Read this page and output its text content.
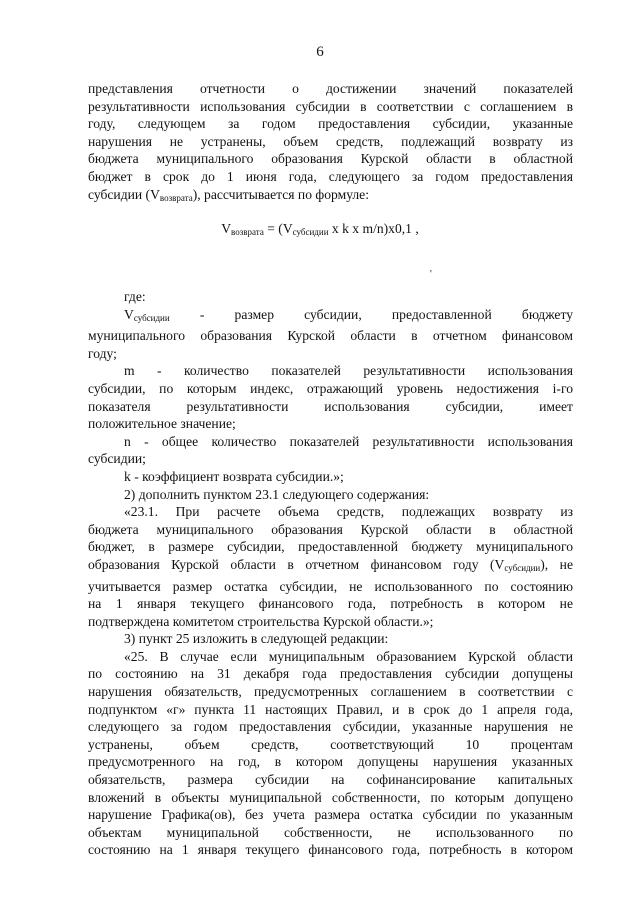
6

представления отчетности о достижении значений показателей

результативности использования субсидии в соответствии с соглашением в

году, следующем за годом предоставления субсидии, указанные

нарушения не устранены, объем средств, подлежащий возврату из

бюджета муниципального образования Курской области в областной

бюджет в срок до 1 июня года, следующего за годом предоставления

субсидии $(V_{возврата})$, рассчитывается по формуле:

$V_{возврата} = (V_{субсидии}$ x k x m/n)x0,1 ,
'

где:

$V_{субсидии}$ - размер субсидии, предоставленной бюджету

муниципального образования Курской области в отчетном финансовом

году;

m - количество показателей результативности использования

субсидии, по которым индекс, отражающий уровень недостижения i-го

показателя результативности использования субсидии, имеет

положительное значение;

n - общее количество показателей результативности использования

субсидии;

k - коэффициент возврата субсидии.»;

2) дополнить пунктом 23.1 следующего содержания:

«23.1. При расчете объема средств, подлежащих возврату из

бюджета муниципального образования Курской области в областной

бюджет, в размере субсидии, предоставленной бюджету муниципального

образования Курской области в отчетном финансовом году $(V_{субсидии})$, не

учитывается размер остатка субсидии, не использованного по состоянию

на 1 января текущего финансового года, потребность в котором не

подтверждена комитетом строительства Курской области.»;

3) пункт 25 изложить в следующей редакции:

«25. В случае если муниципальным образованием Курской области

по состоянию на 31 декабря года предоставления субсидии допущены

нарушения обязательств, предусмотренных соглашением в соответствии с

подпунктом «г» пункта 11 настоящих Правил, и в срок до 1 апреля года,

следующего за годом предоставления субсидии, указанные нарушения не

устранены, объем средств, соответствующий 10 процентам

предусмотренного на год, в котором допущены нарушения указанных

обязательств, размера субсидии на софинансирование капитальных

вложений в объекты муниципальной собственности, по которым допущено

нарушение Графика(ов), без учета размера остатка субсидии по указанным

объектам муниципальной собственности, не использованного по

состоянию на 1 января текущего финансового года, потребность в котором
